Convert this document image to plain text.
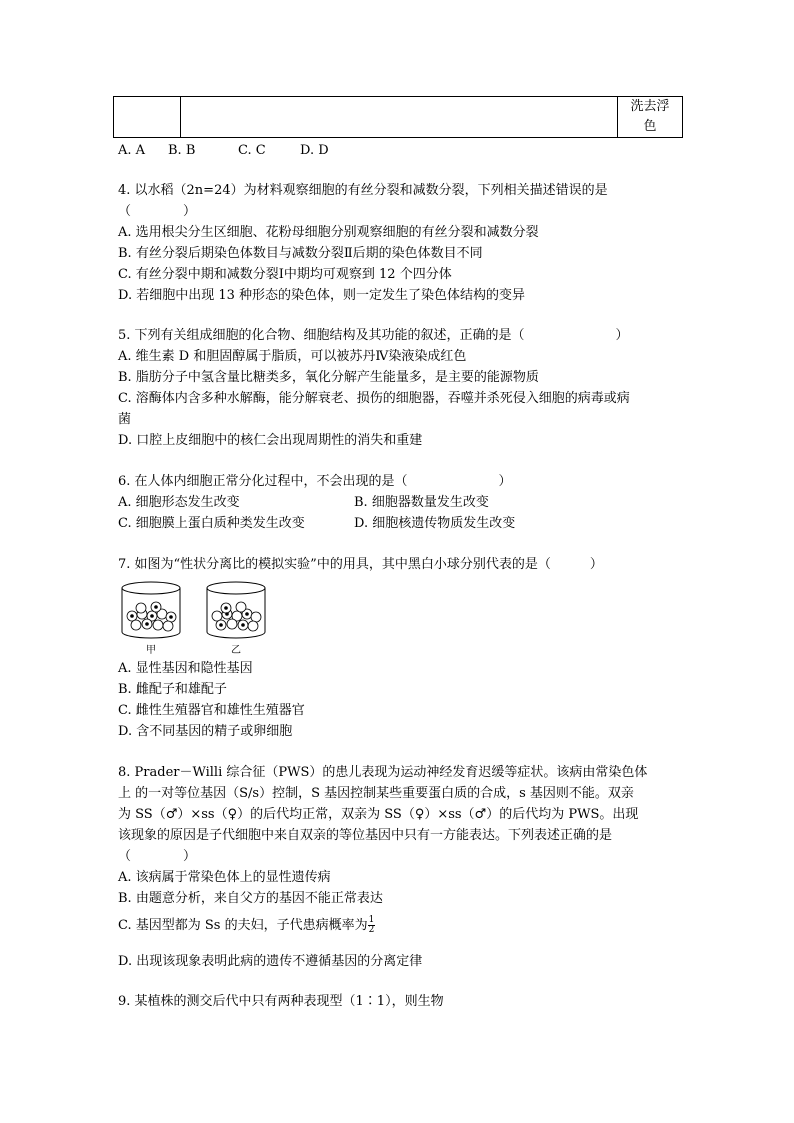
		洗去浮
色
A. A B. B	C. C	D. D
4. 以水稻（2n=24）为材料观察细胞的有丝分裂和减数分裂，下列相关描述错误的是
（　　　　）
A. 选用根尖分生区细胞、花粉母细胞分别观察细胞的有丝分裂和减数分裂
B. 有丝分裂后期染色体数目与减数分裂Ⅱ后期的染色体数目不同
C. 有丝分裂中期和减数分裂Ⅰ中期均可观察到 12 个四分体
D. 若细胞中出现 13 种形态的染色体，则一定发生了染色体结构的变异
5. 下列有关组成细胞的化合物、细胞结构及其功能的叙述，正确的是（　　　　　　　）
A. 维生素 D 和胆固醇属于脂质，可以被苏丹Ⅳ染液染成红色
B. 脂肪分子中氢含量比糖类多，氧化分解产生能量多，是主要的能源物质
C. 溶酶体内含多种水解酶，能分解衰老、损伤的细胞器，吞噬并杀死侵入细胞的病毒或病
菌
D. 口腔上皮细胞中的核仁会出现周期性的消失和重建
6. 在人体内细胞正常分化过程中，不会出现的是（　　　　　　　）
A. 细胞形态发生改变	B. 细胞器数量发生改变
C. 细胞膜上蛋白质种类发生改变	D. 细胞核遗传物质发生改变
7. 如图为“性状分离比的模拟实验”中的用具，其中黑白小球分别代表的是（　　　）
甲	乙
A. 显性基因和隐性基因
B. 雌配子和雄配子
C. 雌性生殖器官和雄性生殖器官
D. 含不同基因的精子或卵细胞
8. Prader－Willi 综合征（PWS）的患儿表现为运动神经发育迟缓等症状。该病由常染色体
上 的一对等位基因（S/s）控制，S 基因控制某些重要蛋白质的合成，s 基因则不能。双亲
为 SS（♂）×ss（♀）的后代均正常，双亲为 SS（♀）×ss（♂）的后代均为 PWS。出现
该现象的原因是子代细胞中来自双亲的等位基因中只有一方能表达。下列表述正确的是
（　　　　）
A. 该病属于常染色体上的显性遗传病
B. 由题意分析，来自父方的基因不能正常表达
C. 基因型都为 Ss 的夫妇，子代患病概率为 $\frac{1}{2}$
D. 出现该现象表明此病的遗传不遵循基因的分离定律
9. 某植株的测交后代中只有两种表现型（1∶1），则生物
